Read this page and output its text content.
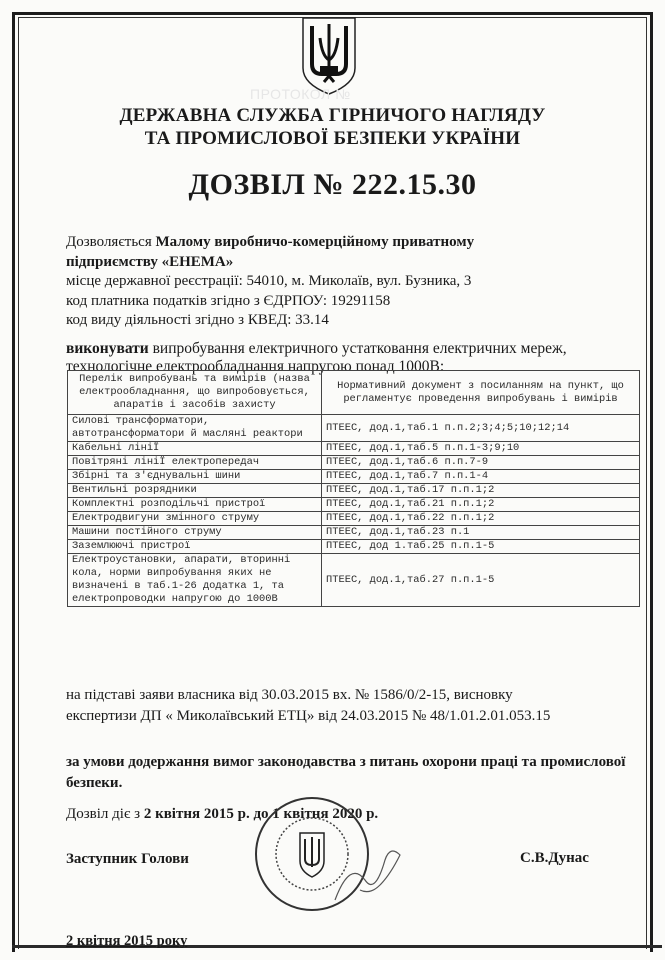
ПРОТОКОЛ №
ДЕРЖАВНА СЛУЖБА ГІРНИЧОГО НАГЛЯДУ
ТА ПРОМИСЛОВОЇ БЕЗПЕКИ УКРАЇНИ
ДОЗВІЛ № 222.15.30
Дозволяється Малому виробничо-комерційному приватному
підприємству «ЕНЕМА»
місце державної реєстрації: 54010, м. Миколаїв, вул. Бузника, 3
код платника податків згідно з ЄДРПОУ: 19291158
код виду діяльності згідно з КВЕД: 33.14
виконувати випробування електричного устатковання електричних мереж,
технологічне електрообладнання напругою понад 1000В:
Перелік випробувань та вимірів (назва електрообладнання, що випробовується, апаратів і засобів захисту	Нормативний документ з посиланням на пункт, що регламентує проведення випробувань і вимірів
Силові трансформатори, автотрансформатори й масляні реактори	ПТЕЕС, дод.1,таб.1 п.п.2;3;4;5;10;12;14
Кабельні лініЇ	ПТЕЕС, дод.1,таб.5 п.п.1-3;9;10
Повітряні лініЇ електропередач	ПТЕЕС, дод.1,таб.6 п.п.7-9
Збірні та з'єднувальні шини	ПТЕЕС, дод.1,таб.7 п.п.1-4
Вентильні розрядники	ПТЕЕС, дод.1,таб.17 п.п.1;2
Комплектні розподільчі пристрої	ПТЕЕС, дод.1,таб.21 п.п.1;2
Електродвигуни змінного струму	ПТЕЕС, дод.1,таб.22 п.п.1;2
Машини постійного струму	ПТЕЕС, дод.1,таб.23 п.1
Заземлюючі пристрої	ПТЕЕС, дод 1.таб.25 п.п.1-5
Електроустановки, апарати, вторинні кола, норми випробування яких не визначені в таб.1-26 додатка 1, та електропроводки напругою до 1000В	ПТЕЕС, дод.1,таб.27 п.п.1-5
на підставі заяви власника від 30.03.2015 вх. № 1586/0/2-15, висновку
експертизи ДП « Миколаївський ЕТЦ» від 24.03.2015 № 48/1.01.2.01.053.15
за умови додержання вимог законодавства з питань охорони праці та промислової безпеки.
Дозвіл діє з 2 квітня 2015 р. до 1 квітня 2020 р.
Заступник Голови	С.В.Дунас
2 квітня 2015 року
